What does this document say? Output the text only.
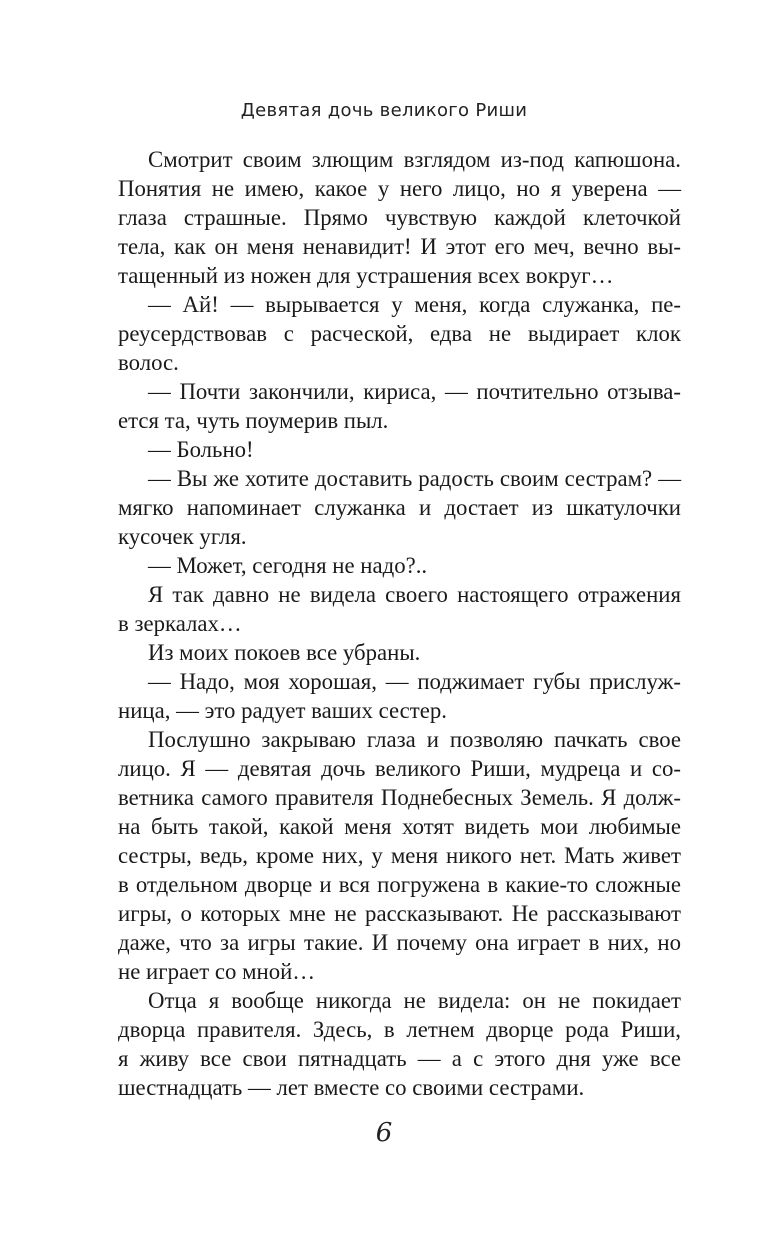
Девятая дочь великого Риши
Смотрит своим злющим взглядом из-под капюшона.
Понятия не имею, какое у него лицо, но я уверена —
глаза страшные. Прямо чувствую каждой клеточкой
тела, как он меня ненавидит! И этот его меч, вечно вы-
тащенный из ножен для устрашения всех вокруг…
— Ай! — вырывается у меня, когда служанка, пе-
реусердствовав с расческой, едва не выдирает клок
волос.
— Почти закончили, кириса, — почтительно отзыва-
ется та, чуть поумерив пыл.
— Больно!
— Вы же хотите доставить радость своим сестрам? —
мягко напоминает служанка и достает из шкатулочки
кусочек угля.
— Может, сегодня не надо?..
Я так давно не видела своего настоящего отражения
в зеркалах…
Из моих покоев все убраны.
— Надо, моя хорошая, — поджимает губы прислуж-
ница, — это радует ваших сестер.
Послушно закрываю глаза и позволяю пачкать свое
лицо. Я — девятая дочь великого Риши, мудреца и со-
ветника самого правителя Поднебесных Земель. Я долж-
на быть такой, какой меня хотят видеть мои любимые
сестры, ведь, кроме них, у меня никого нет. Мать живет
в отдельном дворце и вся погружена в какие-то сложные
игры, о которых мне не рассказывают. Не рассказывают
даже, что за игры такие. И почему она играет в них, но
не играет со мной…
Отца я вообще никогда не видела: он не покидает
дворца правителя. Здесь, в летнем дворце рода Риши,
я живу все свои пятнадцать — а с этого дня уже все
шестнадцать — лет вместе со своими сестрами.
6
